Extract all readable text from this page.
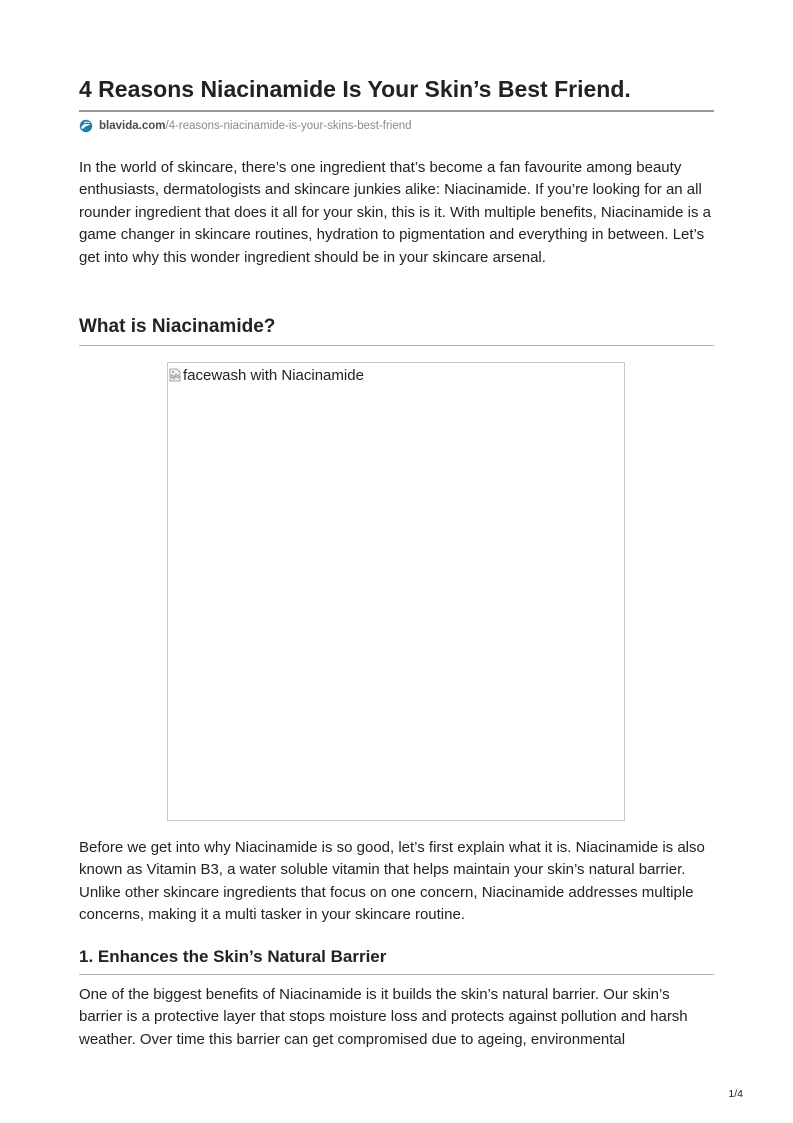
4 Reasons Niacinamide Is Your Skin’s Best Friend.
blavida.com /4-reasons-niacinamide-is-your-skins-best-friend

In the world of skincare, there’s one ingredient that’s become a fan favourite among beauty enthusiasts, dermatologists and skincare junkies alike: Niacinamide. If you’re looking for an all rounder ingredient that does it all for your skin, this is it. With multiple benefits, Niacinamide is a game changer in skincare routines, hydration to pigmentation and everything in between. Let’s get into why this wonder ingredient should be in your skincare arsenal.

What is Niacinamide?
facewash with Niacinamide

Before we get into why Niacinamide is so good, let’s first explain what it is. Niacinamide is also known as Vitamin B3, a water soluble vitamin that helps maintain your skin’s natural barrier. Unlike other skincare ingredients that focus on one concern, Niacinamide addresses multiple concerns, making it a multi tasker in your skincare routine.

1. Enhances the Skin’s Natural Barrier

One of the biggest benefits of Niacinamide is it builds the skin’s natural barrier. Our skin’s barrier is a protective layer that stops moisture loss and protects against pollution and harsh weather. Over time this barrier can get compromised due to ageing, environmental

1/4
